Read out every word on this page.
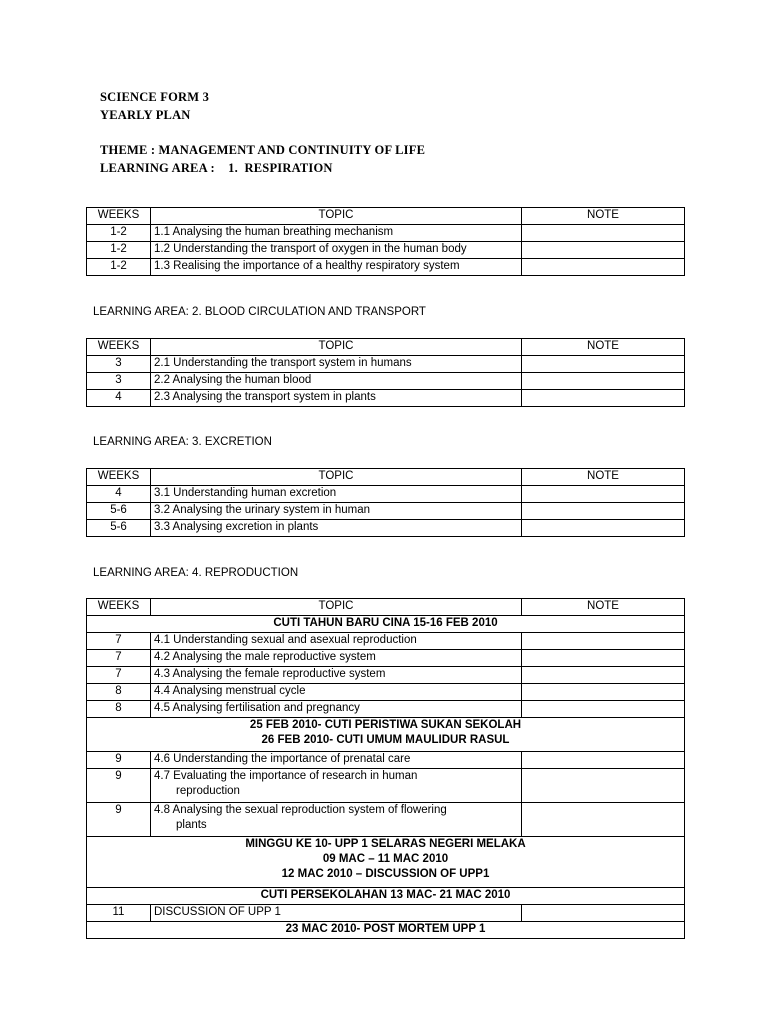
SCIENCE FORM 3
YEARLY PLAN
THEME : MANAGEMENT AND CONTINUITY OF LIFE
LEARNING AREA :    1.  RESPIRATION
WEEKS	TOPIC	NOTE
1-2	1.1 Analysing the human breathing mechanism	
1-2	1.2 Understanding the transport of oxygen in the human body	
1-2	1.3 Realising the importance of a healthy respiratory system	
LEARNING AREA: 2. BLOOD CIRCULATION AND TRANSPORT
WEEKS	TOPIC	NOTE
3	2.1 Understanding the transport system in humans	
3	2.2 Analysing the human blood	
4	2.3 Analysing the transport system in plants	
LEARNING AREA: 3. EXCRETION
WEEKS	TOPIC	NOTE
4	3.1 Understanding human excretion	
5-6	3.2 Analysing the urinary system in human	
5-6	3.3 Analysing excretion in plants	
LEARNING AREA: 4. REPRODUCTION
WEEKS	TOPIC	NOTE
CUTI TAHUN BARU CINA 15-16 FEB 2010		
7	4.1 Understanding sexual and asexual reproduction	
7	4.2 Analysing the male reproductive system	
7	4.3 Analysing the female reproductive system	
8	4.4 Analysing menstrual cycle	
8	4.5 Analysing fertilisation and pregnancy	

25 FEB 2010- CUTI PERISTIWA SUKAN SEKOLAH
26 FEB 2010- CUTI UMUM MAULIDUR RASUL		

9	4.6 Understanding the importance of prenatal care	
9	4.7 Evaluating the importance of research in human
reproduction	

9	4.8 Analysing the sexual reproduction system of flowering
plants	

MINGGU KE 10- UPP 1 SELARAS NEGERI MELAKA
09 MAC – 11 MAC 2010
12 MAC 2010 – DISCUSSION OF UPP1		

CUTI PERSEKOLAHAN 13 MAC- 21 MAC 2010		
11	DISCUSSION OF UPP 1	
23 MAC 2010- POST MORTEM UPP 1		
